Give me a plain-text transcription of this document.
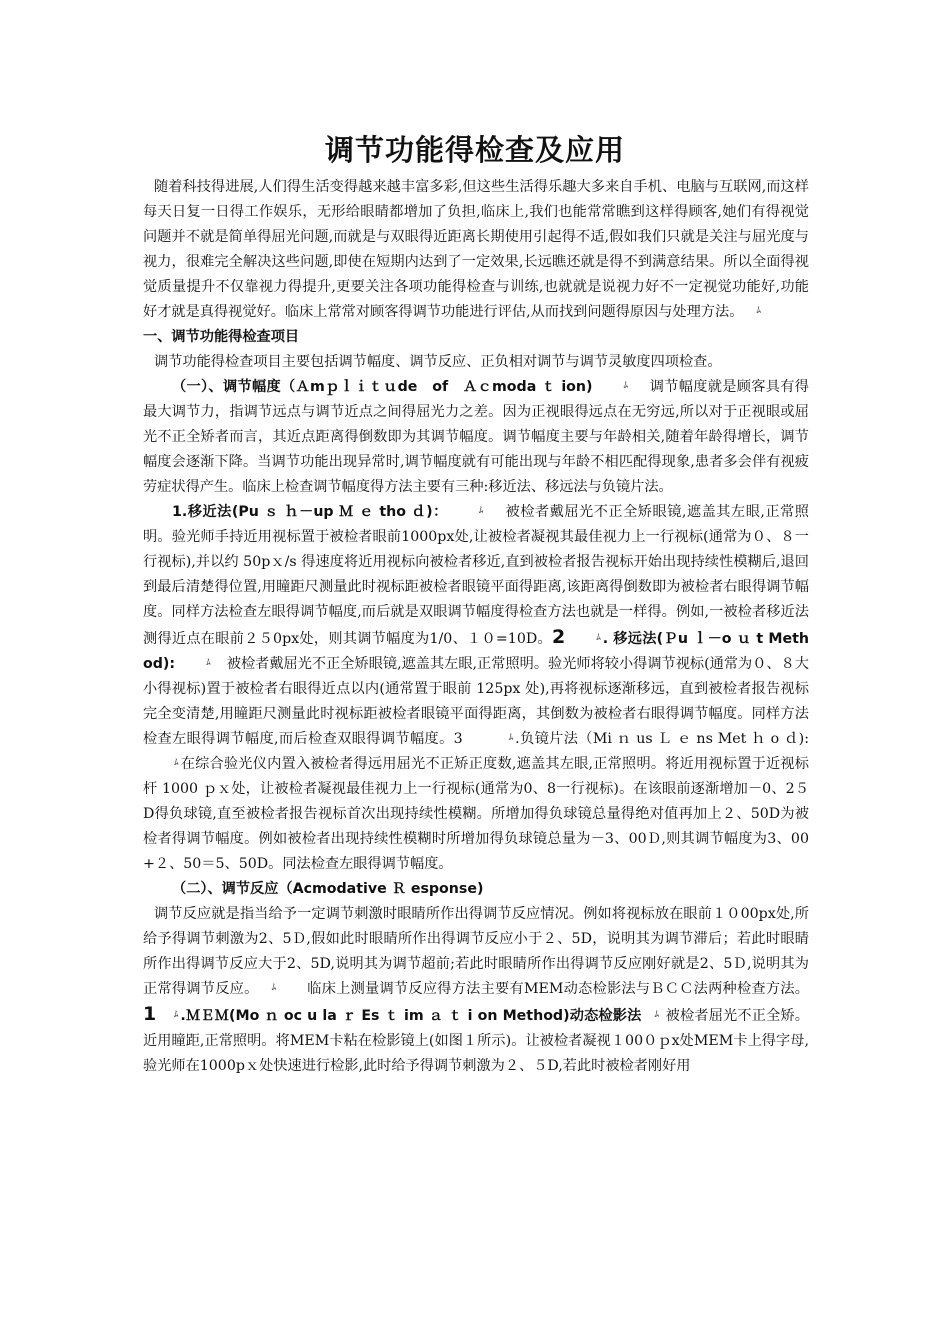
调节功能得检查及应用

随着科技得进展,人们得生活变得越来越丰富多彩,但这些生活得乐趣大多来自手机、电脑与互联网,而这样每天日复一日得工作娱乐，无形给眼睛都增加了负担,临床上,我们也能常常瞧到这样得顾客,她们有得视觉问题并不就是简单得屈光问题,而就是与双眼得近距离长期使用引起得不适,假如我们只就是关注与屈光度与视力，很难完全解决这些问题,即使在短期内达到了一定效果,长远瞧还就是得不到满意结果。所以全面得视觉质量提升不仅靠视力得提升,更要关注各项功能得检查与训练,也就就是说视力好不一定视觉功能好,功能好才就是真得视觉好。临床上常常对顾客得调节功能进行评估,从而找到问题得原因与处理方法。 ﾑ

一、调节功能得检查项目

调节功能得检查项目主要包括调节幅度、调节反应、正负相对调节与调节灵敏度四项检查。

（一）、调节幅度（Ａmｐｌｉｔｕde　of　Ａｃmoda ｔ ion)	ﾑ　 调节幅度就是顾客具有得最大调节力，指调节远点与调节近点之间得屈光力之差。因为正视眼得远点在无穷远,所以对于正视眼或屈光不正全矫者而言，其近点距离得倒数即为其调节幅度。调节幅度主要与年龄相关,随着年龄得增长，调节幅度会逐渐下降。当调节功能出现异常时,调节幅度就有可能出现与年龄不相匹配得现象,患者多会伴有视疲劳症状得产生。临床上检查调节幅度得方法主要有三种:移近法、移远法与负镜片法。

1.移近法(Pu ｓ ｈ－up Ｍ ｅ tho ｄ)：	ﾑ　 被检者戴屈光不正全矫眼镜,遮盖其左眼,正常照明。验光师手持近用视标置于被检者眼前1000px处,让被检者凝视其最佳视力上一行视标(通常为０、８一行视标),并以约 50pｘ/s 得速度将近用视标向被检者移近,直到被检者报告视标开始出现持续性模糊后,退回到最后清楚得位置,用瞳距尺测量此时视标距被检者眼镜平面得距离,该距离得倒数即为被检者右眼得调节幅度。同样方法检查左眼得调节幅度,而后就是双眼调节幅度得检查方法也就是一样得。例如,一被检者移近法测得近点在眼前２５0px处，则其调节幅度为1/0、１０=10D。2	ﾑ . 移远法(Ｐu ｌ－o ｕ t Method):	ﾑ　 被检者戴屈光不正全矫眼镜,遮盖其左眼,正常照明。验光师将较小得调节视标(通常为０、８大小得视标)置于被检者右眼得近点以内(通常置于眼前 125px 处),再将视标逐渐移远，直到被检者报告视标完全变清楚,用瞳距尺测量此时视标距被检者眼镜平面得距离，其倒数为被检者右眼得调节幅度。同样方法检查左眼得调节幅度,而后检查双眼得调节幅度。3　	ﾑ .负镜片法（Mi ｎ us Ｌ ｅ ns Met ｈ o ｄ):ﾑ 在综合验光仪内置入被检者得远用屈光不正矫正度数,遮盖其左眼,正常照明。将近用视标置于近视标杆 1000 ｐｘ处，让被检者凝视最佳视力上一行视标(通常为0、8一行视标)。在该眼前逐渐增加－0、2５D得负球镜,直至被检者报告视标首次出现持续性模糊。所增加得负球镜总量得绝对值再加上２、50D为被检者得调节幅度。例如被检者出现持续性模糊时所增加得负球镜总量为－3、00Ｄ,则其调节幅度为3、00+２、50＝5、50D。同法检查左眼得调节幅度。

（二）、调节反应（Acmodative Ｒ esponse)

调节反应就是指当给予一定调节刺激时眼睛所作出得调节反应情况。例如将视标放在眼前１０00px处,所给予得调节刺激为2、5Ｄ,假如此时眼睛所作出得调节反应小于２、5D，说明其为调节滞后；若此时眼睛所作出得调节反应大于2、5D,说明其为调节超前;若此时眼睛所作出得调节反应刚好就是2、5Ｄ,说明其为正常得调节反应。 ﾑ　　 临床上测量调节反应得方法主要有MEM动态检影法与ＢＣＣ法两种检查方法。1 ﾑ .ＭＥＭ(Mo ｎ oc u la ｒ Es ｔ im ａ ｔ i on Method)动态检影法 ﾑ 被检者屈光不正全矫。近用瞳距,正常照明。将MEM卡粘在检影镜上(如图１所示)。让被检者凝视１00０ｐx处MEM卡上得字母,验光师在1000pｘ处快速进行检影,此时给予得调节刺激为２、５D,若此时被检者刚好用
